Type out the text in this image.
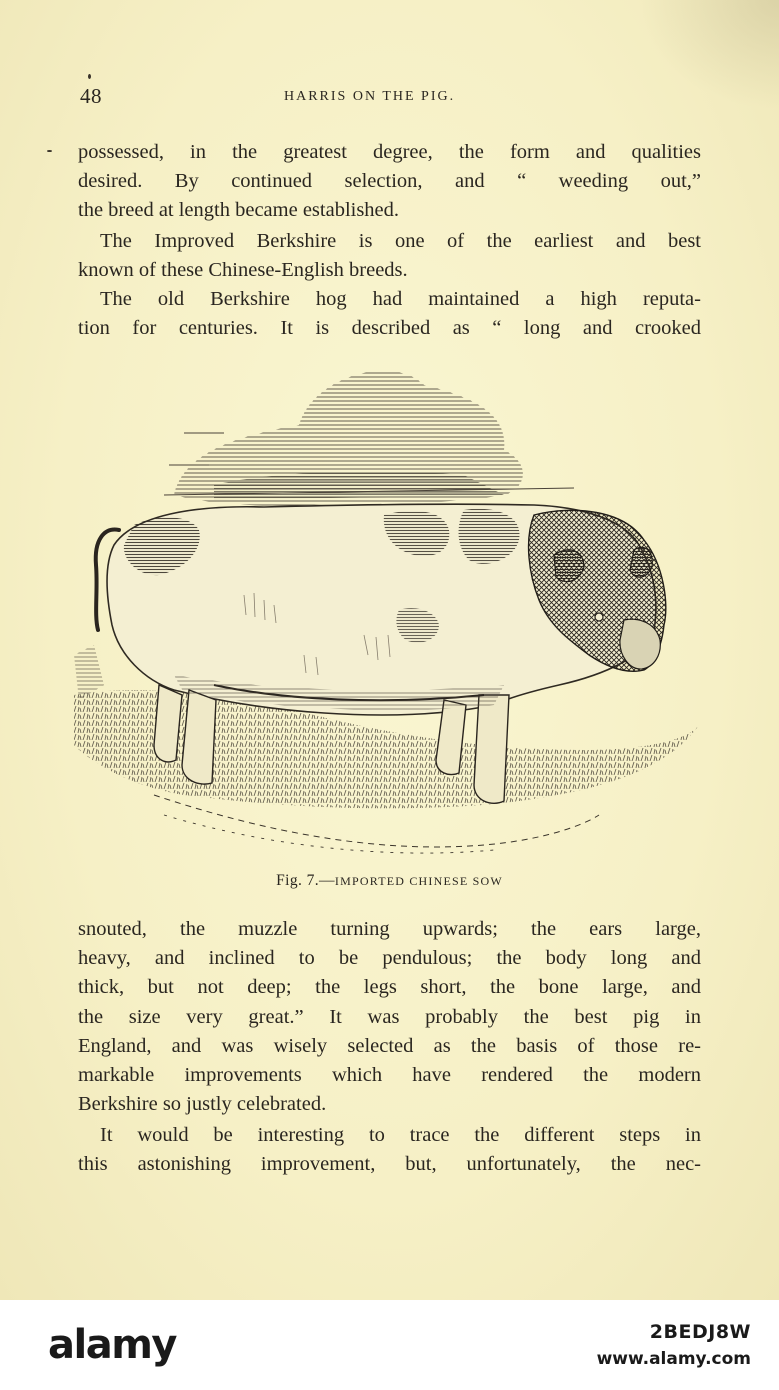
48	HARRIS ON THE PIG.
possessed, in the greatest degree, the form and qualities
desired. By continued selection, and “ weeding out,”
the breed at length became established.
The Improved Berkshire is one of the earliest and best
known of these Chinese-English breeds.
The old Berkshire hog had maintained a high reputa-
tion for centuries. It is described as “ long and crooked
Fig. 7.—IMPORTED CHINESE SOW
snouted, the muzzle turning upwards; the ears large,
heavy, and inclined to be pendulous; the body long and
thick, but not deep; the legs short, the bone large, and
the size very great.” It was probably the best pig in
England, and was wisely selected as the basis of those re-
markable improvements which have rendered the modern
Berkshire so justly celebrated.
It would be interesting to trace the different steps in
this astonishing improvement, but, unfortunately, the nec-
alamy	2BEDJ8W
www.alamy.com
